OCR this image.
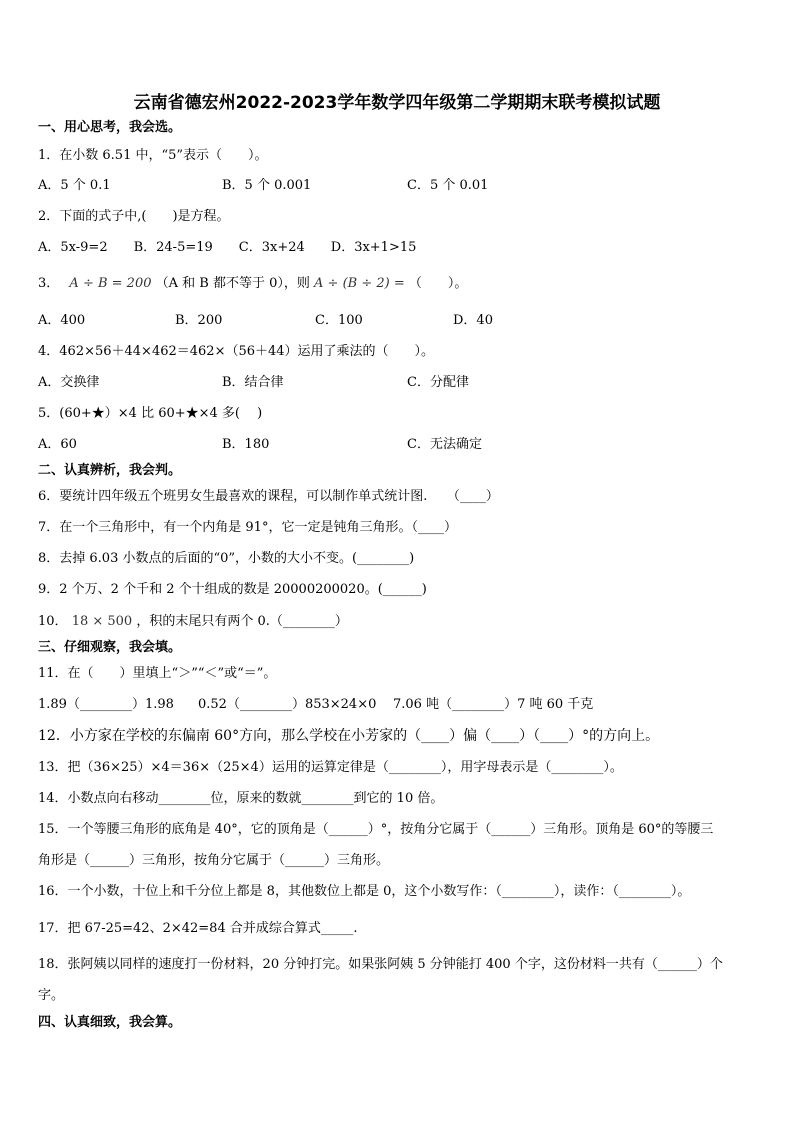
云南省德宏州2022-2023学年数学四年级第二学期期末联考模拟试题
一、用心思考，我会选。
1．在小数 6.51 中，“5”表示（　　）。
A．5 个 0.1	B．5 个 0.001	C．5 个 0.01
2．下面的式子中,(　　)是方程。
A．5x-9=2　　B．24-5=19　　C．3x+24　　D．3x+1>15
3． A ÷ B = 200 （A 和 B 都不等于 0），则 A ÷ (B ÷ 2) = （　　）。
A．400	B．200	C．100	D．40
4．462×56＋44×462＝462×（56＋44）运用了乘法的（　　）。
A．交换律	B．结合律	C．分配律
5．(60+★）×4 比 60+★×4 多(　 )
A．60	B．180	C．无法确定
二、认真辨析，我会判。
6．要统计四年级五个班男女生最喜欢的课程，可以制作单式统计图.　　（____）
7．在一个三角形中，有一个内角是 91°，它一定是钝角三角形。（____）
8．去掉 6.03 小数点的后面的“0”，小数的大小不变。(________)
9．2 个万、2 个千和 2 个十组成的数是 20000200020。(______)
10． 18 × 500 ，积的末尾只有两个 0.（________）
三、仔细观察，我会填。
11．在（　　）里填上“＞”“＜”或“＝”。
1.89（________）1.98 0.52（________）853×24×0 7.06 吨（________）7 吨 60 千克
12．小方家在学校的东偏南 60°方向，那么学校在小芳家的（____）偏（____）（____）°的方向上。
13．把（36×25）×4＝36×（25×4）运用的运算定律是（________），用字母表示是（________）。
14．小数点向右移动________位，原来的数就________到它的 10 倍。
15．一个等腰三角形的底角是 40°，它的顶角是（______）°，按角分它属于（______）三角形。顶角是 60°的等腰三
角形是（______）三角形，按角分它属于（______）三角形。
16．一个小数，十位上和千分位上都是 8，其他数位上都是 0，这个小数写作：（________），读作：（________）。
17．把 67-25=42、2×42=84 合并成综合算式_____.
18．张阿姨以同样的速度打一份材料，20 分钟打完。如果张阿姨 5 分钟能打 400 个字，这份材料一共有（______）个
字。
四、认真细致，我会算。
